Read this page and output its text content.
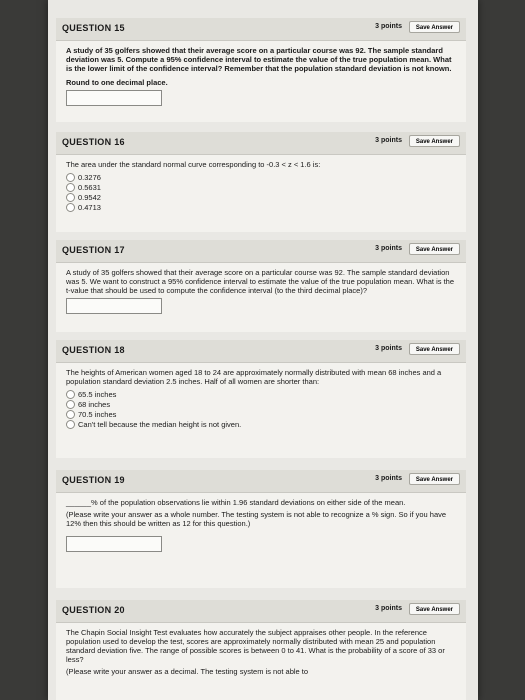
QUESTION 15	3 points	Save Answer

A study of 35 golfers showed that their average score on a particular course was 92. The sample standard deviation was 5. Compute a 95% confidence interval to estimate the value of the true population mean. What is the lower limit of the confidence interval? Remember that the population standard deviation is not known.

Round to one decimal place.

QUESTION 16	3 points	Save Answer

The area under the standard normal curve corresponding to -0.3 < z < 1.6 is:

0.3276
0.5631
0.9542
0.4713
QUESTION 17	3 points	Save Answer

A study of 35 golfers showed that their average score on a particular course was 92. The sample standard deviation was 5. We want to construct a 95% confidence interval to estimate the value of the true population mean. What is the t-value that should be used to compute the confidence interval (to the third decimal place)?

QUESTION 18	3 points	Save Answer

The heights of American women aged 18 to 24 are approximately normally distributed with mean 68 inches and a population standard deviation 2.5 inches. Half of all women are shorter than:

65.5 inches
68 inches
70.5 inches
Can't tell because the median height is not given.
QUESTION 19	3 points	Save Answer

______% of the population observations lie within 1.96 standard deviations on either side of the mean.

(Please write your answer as a whole number. The testing system is not able to recognize a % sign. So if you have 12% then this should be written as 12 for this question.)

QUESTION 20	3 points	Save Answer

The Chapin Social Insight Test evaluates how accurately the subject appraises other people. In the reference population used to develop the test, scores are approximately normally distributed with mean 25 and population standard deviation five. The range of possible scores is between 0 to 41. What is the probability of a score of 33 or less?

(Please write your answer as a decimal. The testing system is not able to
